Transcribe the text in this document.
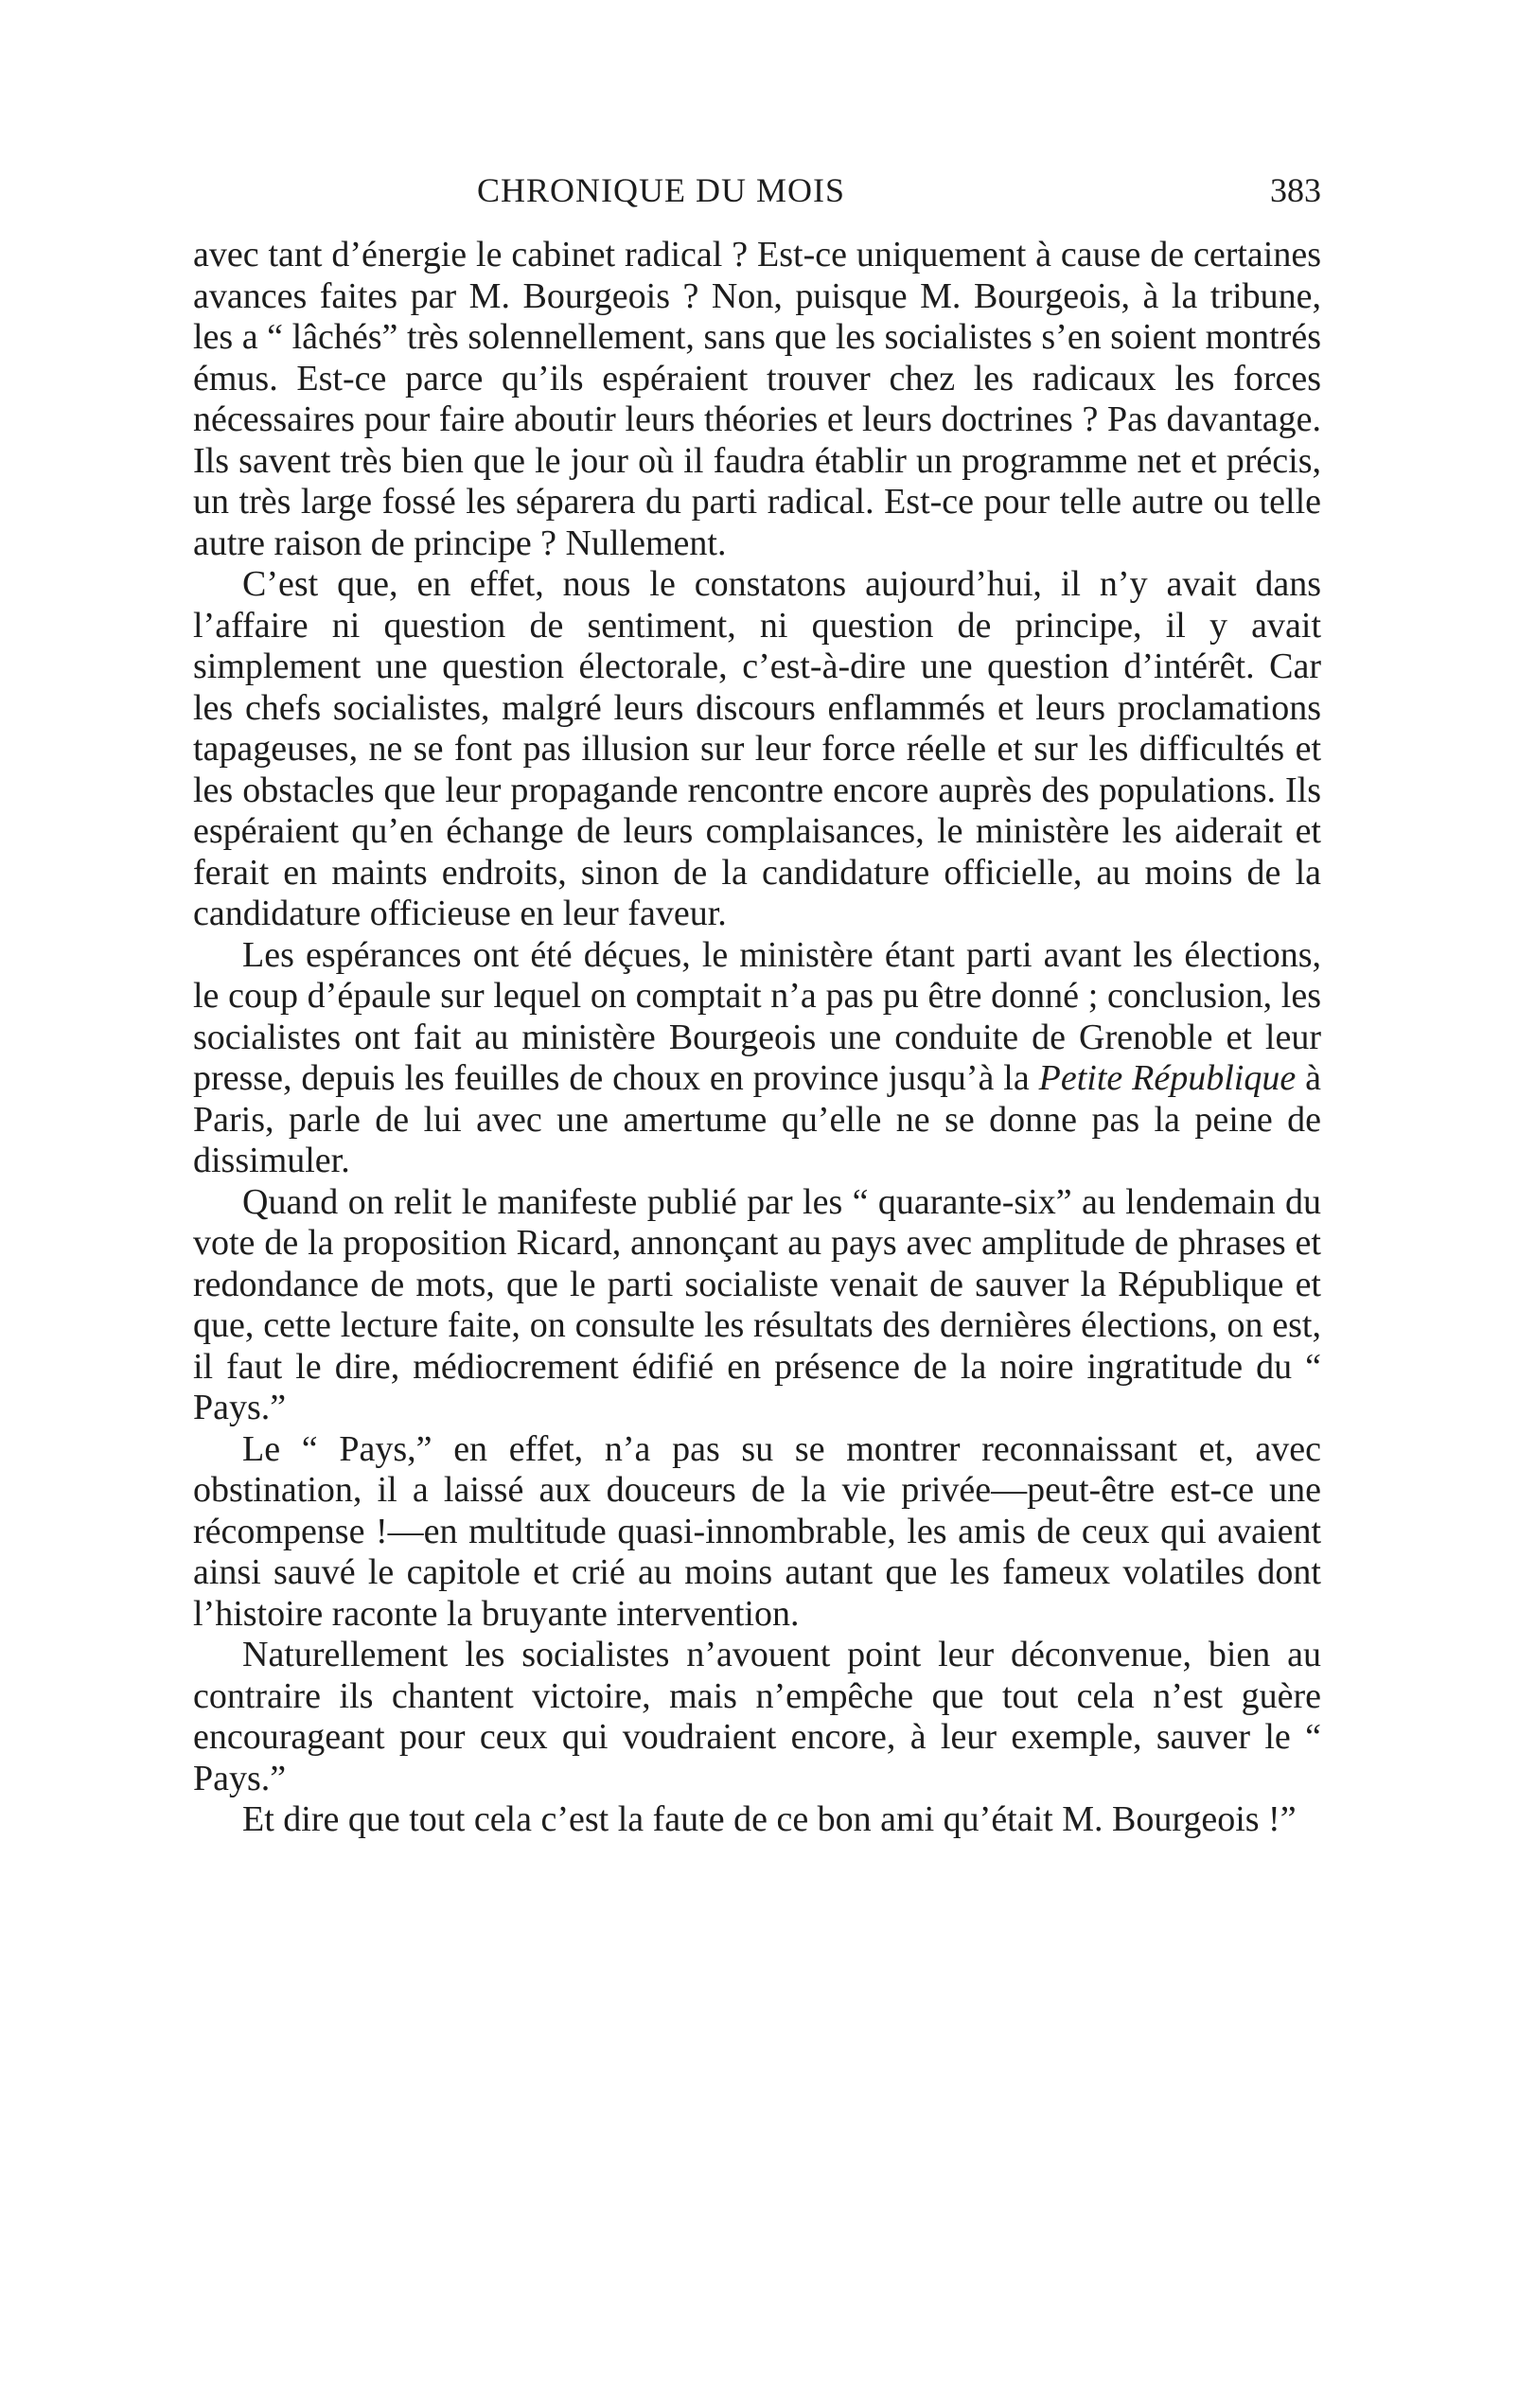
CHRONIQUE DU MOIS	383

avec tant d’énergie le cabinet radical ? Est-ce uniquement à cause de certaines avances faites par M. Bourgeois ? Non, puisque M. Bourgeois, à la tribune, les a “ lâchés” très solennellement, sans que les socialistes s’en soient montrés émus. Est-ce parce qu’ils espéraient trouver chez les radicaux les forces nécessaires pour faire aboutir leurs théories et leurs doctrines ? Pas davantage. Ils savent très bien que le jour où il faudra établir un programme net et précis, un très large fossé les séparera du parti radical. Est-ce pour telle autre ou telle autre raison de principe ? Nullement.

C’est que, en effet, nous le constatons aujourd’hui, il n’y avait dans l’affaire ni question de sentiment, ni question de principe, il y avait simplement une question électorale, c’est-à-dire une question d’intérêt. Car les chefs socialistes, malgré leurs discours enflammés et leurs proclamations tapageuses, ne se font pas illusion sur leur force réelle et sur les difficultés et les obstacles que leur propagande rencontre encore auprès des populations. Ils espéraient qu’en échange de leurs complaisances, le ministère les aiderait et ferait en maints endroits, sinon de la candidature officielle, au moins de la candidature officieuse en leur faveur.

Les espérances ont été déçues, le ministère étant parti avant les élections, le coup d’épaule sur lequel on comptait n’a pas pu être donné ; conclusion, les socialistes ont fait au ministère Bourgeois une conduite de Grenoble et leur presse, depuis les feuilles de choux en province jusqu’à la Petite République à Paris, parle de lui avec une amertume qu’elle ne se donne pas la peine de dissimuler.

Quand on relit le manifeste publié par les “ quarante-six” au lendemain du vote de la proposition Ricard, annonçant au pays avec amplitude de phrases et redondance de mots, que le parti socialiste venait de sauver la République et que, cette lecture faite, on consulte les résultats des dernières élections, on est, il faut le dire, médiocrement édifié en présence de la noire ingratitude du “ Pays.”

Le “ Pays,” en effet, n’a pas su se montrer reconnaissant et, avec obstination, il a laissé aux douceurs de la vie privée—peut-être est-ce une récompense !—en multitude quasi-innombrable, les amis de ceux qui avaient ainsi sauvé le capitole et crié au moins autant que les fameux volatiles dont l’histoire raconte la bruyante intervention.

Naturellement les socialistes n’avouent point leur déconvenue, bien au contraire ils chantent victoire, mais n’empêche que tout cela n’est guère encourageant pour ceux qui voudraient encore, à leur exemple, sauver le “ Pays.”

Et dire que tout cela c’est la faute de ce bon ami qu’était M. Bourgeois !”
